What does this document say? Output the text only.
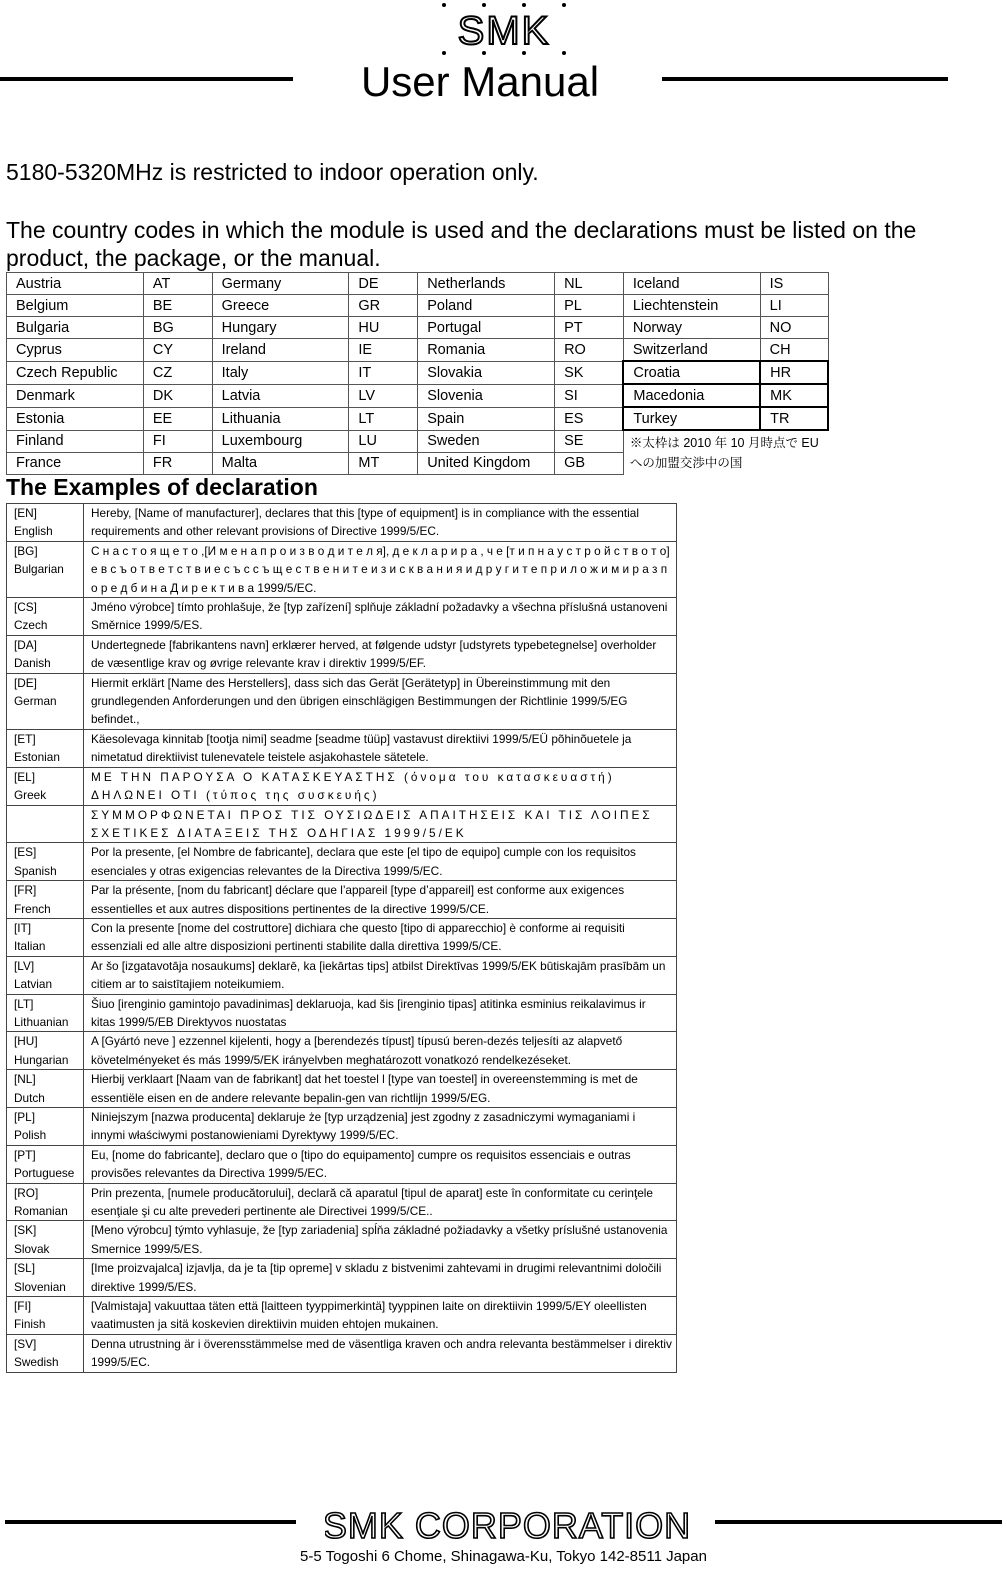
SMK
User Manual
5180-5320MHz is restricted to indoor operation only.
The country codes in which the module is used and the declarations must be listed on the product, the package, or the manual.
Austria	AT	Germany	DE	Netherlands	NL	Iceland	IS
Belgium	BE	Greece	GR	Poland	PL	Liechtenstein	LI
Bulgaria	BG	Hungary	HU	Portugal	PT	Norway	NO
Cyprus	CY	Ireland	IE	Romania	RO	Switzerland	CH
Czech Republic	CZ	Italy	IT	Slovakia	SK	Croatia	HR
Denmark	DK	Latvia	LV	Slovenia	SI	Macedonia	MK
Estonia	EE	Lithuania	LT	Spain	ES	Turkey	TR
Finland	FI	Luxembourg	LU	Sweden	SE	※太枠は 2010 年 10 月時点で EU への加盟交渉中の国	
France	FR	Malta	MT	United Kingdom	GB		
The Examples of declaration
[EN]
English	Hereby, [Name of manufacturer], declares that this [type of equipment] is in compliance with the essential requirements and other relevant provisions of Directive 1999/5/EC.

[BG]
Bulgarian	С н а с т о я щ е т о ,[И м е н а п р о и з в о д и т е л я], д е к л а р и р а , ч е [т и п н а у с т р о й с т в о т о] е в с ъ о т в е т с т в и е с ъ с с ъ щ е с т в е н и т е и з и с к в а н и я и д р у г и т е п р и л о ж и м и р а з п о р е д б и н а Д и р е к т и в а 1999/5/EC.

[CS]
Czech	Jméno výrobce] tímto prohlašuje, že [typ zařízení] splňuje základní požadavky a všechna příslušná ustanoveni Směrnice 1999/5/ES.

[DA]
Danish	Undertegnede [fabrikantens navn] erklærer herved, at følgende udstyr [udstyrets typebetegnelse] overholder de væsentlige krav og øvrige relevante krav i direktiv 1999/5/EF.

[DE]
German	Hiermit erklärt [Name des Herstellers], dass sich das Gerät [Gerätetyp] in Übereinstimmung mit den grundlegenden Anforderungen und den übrigen einschlägigen Bestimmungen der Richtlinie 1999/5/EG befindet.,

[ET]
Estonian	Käesolevaga kinnitab [tootja nimi] seadme [seadme tüüp] vastavust direktiivi 1999/5/EÜ põhinõuetele ja nimetatud direktiivist tulenevatele teistele asjakohastele sätetele.

[EL]
Greek	ΜΕ ΤΗΝ ΠΑΡΟΥΣΑ Ο ΚΑΤΑΣΚΕΥΑΣΤΗΣ (όνομα του κατασκευαστή) ΔΗΛΩΝΕΙ ΟΤΙ (τύπος της συσκευής)

	ΣΥΜΜΟΡΦΩΝΕΤΑΙ ΠΡΟΣ ΤΙΣ ΟΥΣΙΩΔΕΙΣ ΑΠΑΙΤΗΣΕΙΣ ΚΑΙ ΤΙΣ ΛΟΙΠΕΣ ΣΧΕΤΙΚΕΣ ΔΙΑΤΑΞΕΙΣ ΤΗΣ ΟΔΗΓΙΑΣ 1999/5/ΕΚ

[ES]
Spanish	Por la presente, [el Nombre de fabricante], declara que este [el tipo de equipo] cumple con los requisitos esenciales y otras exigencias relevantes de la Directiva 1999/5/EC.

[FR]
French	Par la présente, [nom du fabricant] déclare que l’appareil [type d’appareil] est conforme aux exigences essentielles et aux autres dispositions pertinentes de la directive 1999/5/CE.

[IT]
Italian	Con la presente [nome del costruttore] dichiara che questo [tipo di apparecchio] è conforme ai requisiti essenziali ed alle altre disposizioni pertinenti stabilite dalla direttiva 1999/5/CE.

[LV]
Latvian	Ar šo [izgatavotāja nosaukums] deklarē, ka [iekārtas tips] atbilst Direktīvas 1999/5/EK būtiskajām prasībām un citiem ar to saistītajiem noteikumiem.

[LT]
Lithuanian	Šiuo [irenginio gamintojo pavadinimas] deklaruoja, kad šis [irenginio tipas] atitinka esminius reikalavimus ir kitas 1999/5/EB Direktyvos nuostatas

[HU]
Hungarian	A [Gyártó neve ] ezzennel kijelenti, hogy a [berendezés típust] típusú beren-dezés teljesíti az alapvető követelményeket és más 1999/5/EK irányelvben meghatározott vonatkozó rendelkezéseket.

[NL]
Dutch	Hierbij verklaart [Naam van de fabrikant] dat het toestel l [type van toestel] in overeenstemming is met de essentiële eisen en de andere relevante bepalin-gen van richtlijn 1999/5/EG.

[PL]
Polish	Niniejszym [nazwa producenta] deklaruje że [typ urządzenia] jest zgodny z zasadniczymi wymaganiami i innymi właściwymi postanowieniami Dyrektywy 1999/5/EC.

[PT]
Portuguese	Eu, [nome do fabricante], declaro que o [tipo do equipamento] cumpre os requisitos essenciais e outras provisões relevantes da Directiva 1999/5/EC.

[RO]
Romanian	Prin prezenta, [numele producătorului], declară că aparatul [tipul de aparat] este în conformitate cu cerinţele esenţiale şi cu alte prevederi pertinente ale Directivei 1999/5/CE..

[SK]
Slovak	[Meno výrobcu] týmto vyhlasuje, že [typ zariadenia] spĺňa základné požiadavky a všetky príslušné ustanovenia Smernice 1999/5/ES.

[SL]
Slovenian	[Ime proizvajalca] izjavlja, da je ta [tip opreme] v skladu z bistvenimi zahtevami in drugimi relevantnimi določili direktive 1999/5/ES.

[FI]
Finish	[Valmistaja] vakuuttaa täten että [laitteen tyyppimerkintä] tyyppinen laite on direktiivin 1999/5/EY oleellisten vaatimusten ja sitä koskevien direktiivin muiden ehtojen mukainen.

[SV]
Swedish	Denna utrustning är i överensstämmelse med de väsentliga kraven och andra relevanta bestämmelser i direktiv 1999/5/EC.
SMK CORPORATION
5-5 Togoshi 6 Chome, Shinagawa-Ku, Tokyo 142-8511 Japan
